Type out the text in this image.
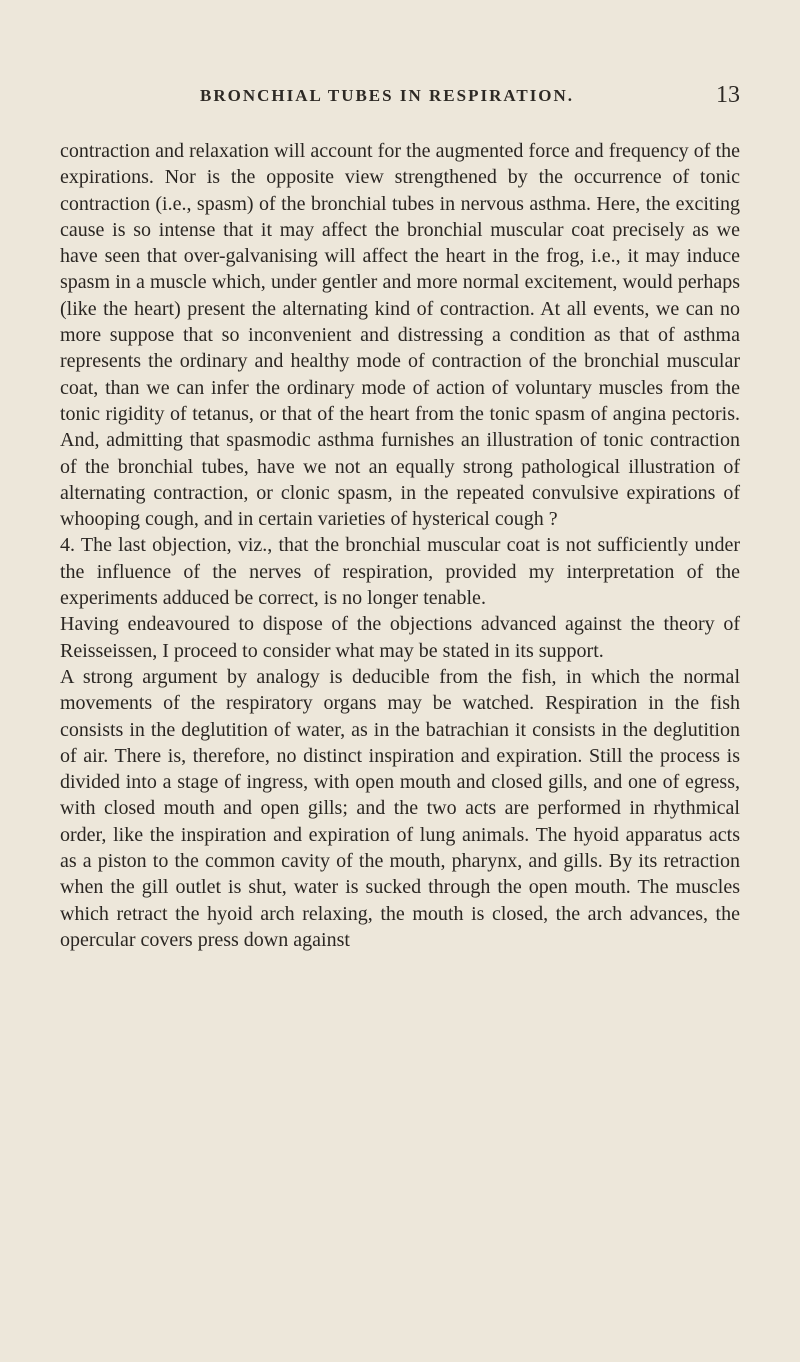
BRONCHIAL TUBES IN RESPIRATION.	13

contraction and relaxation will account for the augmented force and frequency of the expirations. Nor is the opposite view strengthened by the occurrence of tonic contraction (i.e., spasm) of the bronchial tubes in nervous asthma. Here, the exciting cause is so intense that it may affect the bronchial muscular coat precisely as we have seen that over-galvanising will affect the heart in the frog, i.e., it may induce spasm in a muscle which, under gentler and more normal excitement, would perhaps (like the heart) present the alternating kind of contraction. At all events, we can no more suppose that so inconvenient and distressing a condition as that of asthma represents the ordinary and healthy mode of contraction of the bronchial muscular coat, than we can infer the ordinary mode of action of voluntary muscles from the tonic rigidity of tetanus, or that of the heart from the tonic spasm of angina pectoris. And, admitting that spasmodic asthma furnishes an illustration of tonic contraction of the bronchial tubes, have we not an equally strong pathological illustration of alternating contraction, or clonic spasm, in the repeated convulsive expirations of whooping cough, and in certain varieties of hysterical cough ?

4. The last objection, viz., that the bronchial muscular coat is not sufficiently under the influence of the nerves of respiration, provided my interpretation of the experiments adduced be correct, is no longer tenable.

Having endeavoured to dispose of the objections advanced against the theory of Reisseissen, I proceed to consider what may be stated in its support.

A strong argument by analogy is deducible from the fish, in which the normal movements of the respiratory organs may be watched. Respiration in the fish consists in the deglutition of water, as in the batrachian it consists in the deglutition of air. There is, therefore, no distinct inspiration and expiration. Still the process is divided into a stage of ingress, with open mouth and closed gills, and one of egress, with closed mouth and open gills; and the two acts are performed in rhythmical order, like the inspiration and expiration of lung animals. The hyoid apparatus acts as a piston to the common cavity of the mouth, pharynx, and gills. By its retraction when the gill outlet is shut, water is sucked through the open mouth. The muscles which retract the hyoid arch relaxing, the mouth is closed, the arch advances, the opercular covers press down against
